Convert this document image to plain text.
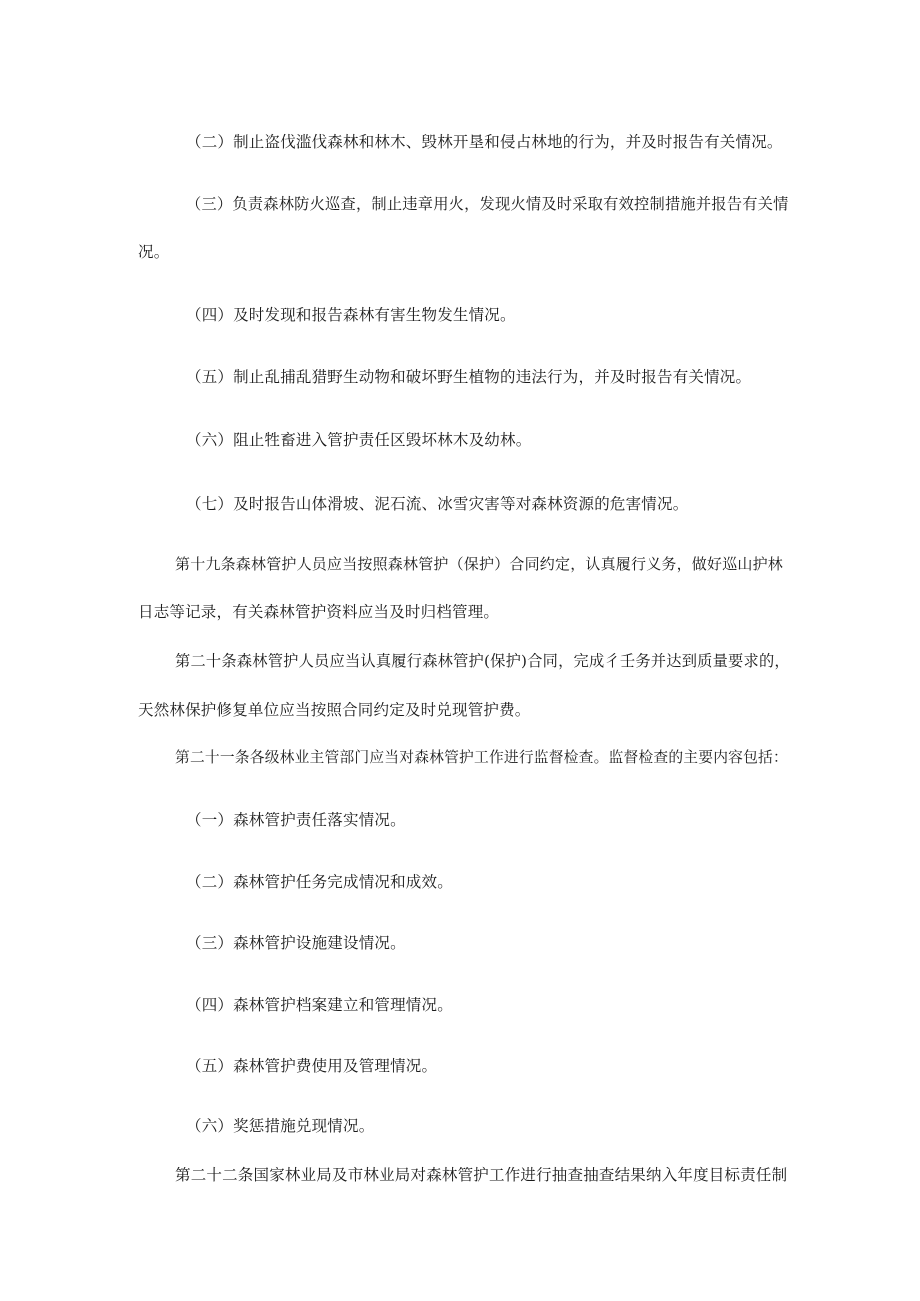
（二）制止盗伐滥伐森林和林木、毁林开垦和侵占林地的行为，并及时报告有关情况。
（三）负责森林防火巡查，制止违章用火，发现火情及时采取有效控制措施并报告有关情
况。
（四）及时发现和报告森林有害生物发生情况。
（五）制止乱捕乱猎野生动物和破坏野生植物的违法行为，并及时报告有关情况。
（六）阻止牲畜进入管护责任区毁坏林木及幼林。
（七）及时报告山体滑坡、泥石流、冰雪灾害等对森林资源的危害情况。
第十九条森林管护人员应当按照森林管护（保护）合同约定，认真履行义务，做好巡山护林
日志等记录，有关森林管护资料应当及时归档管理。
第二十条森林管护人员应当认真履行森林管护(保护)合同，完成彳壬务并达到质量要求的，
天然林保护修复单位应当按照合同约定及时兑现管护费。
第二十一条各级林业主管部门应当对森林管护工作进行监督检查。监督检查的主要内容包括：
（一）森林管护责任落实情况。
（二）森林管护任务完成情况和成效。
（三）森林管护设施建设情况。
（四）森林管护档案建立和管理情况。
（五）森林管护费使用及管理情况。
（六）奖惩措施兑现情况。
第二十二条国家林业局及市林业局对森林管护工作进行抽查抽查结果纳入年度目标责任制
